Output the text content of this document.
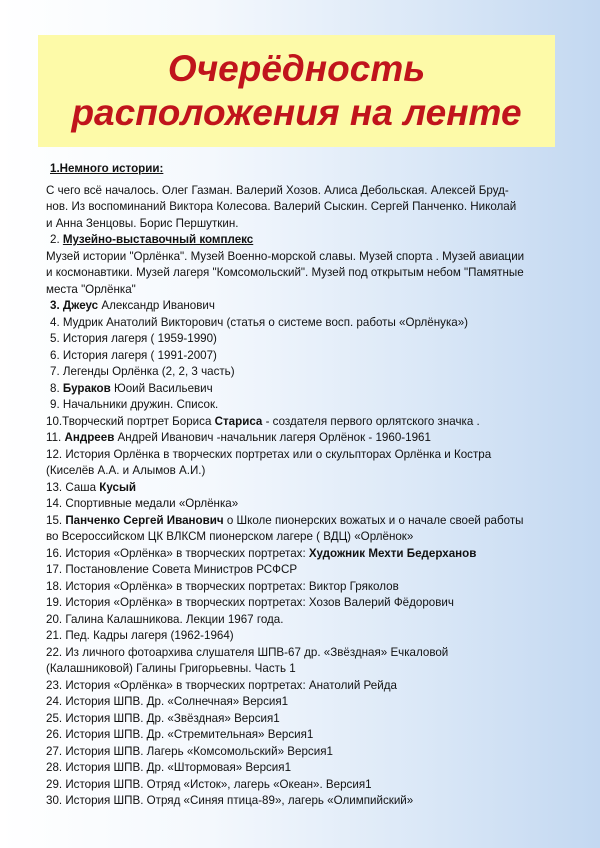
Очерёдность
расположения на ленте
1.Немного истории:
С чего всё началось. Олег Газман. Валерий Хозов. Алиса Дебольская. Алексей Бруд-
нов. Из воспоминаний Виктора Колесова. Валерий Сыскин. Сергей Панченко. Николай
и Анна Зенцовы. Борис Першуткин.
2. Музейно-выставочный комплекс
Музей истории "Орлёнка". Музей Военно-морской славы. Музей спорта . Музей авиации
и космонавтики. Музей лагеря "Комсомольский". Музей под открытым небом "Памятные
места "Орлёнка"
3. Джеус Александр Иванович
4. Мудрик Анатолий Викторович (статья о системе восп. работы «Орлёнука»)
5. История лагеря ( 1959-1990)
6. История лагеря ( 1991-2007)
7. Легенды Орлёнка (2, 2, 3 часть)
8. Бураков Юоий Васильевич
9. Начальники дружин. Список.
10.Творческий портрет Бориса Стариса - создателя первого орлятского значка .
11. Андреев Андрей Иванович -начальник лагеря Орлёнок - 1960-1961
12. История Орлёнка в творческих портретах или о скульпторах Орлёнка и Костра
(Киселёв А.А. и Алымов А.И.)
13. Саша Кусый
14. Спортивные медали «Орлёнка»
15. Панченко Сергей Иванович о Школе пионерских вожатых и о начале своей работы
во Всероссийском ЦК ВЛКСМ пионерском лагере ( ВДЦ) «Орлёнок»
16. История «Орлёнка» в творческих портретах: Художник Мехти Бедерханов
17. Постановление Совета Министров РСФСР
18. История «Орлёнка» в творческих портретах: Виктор Гряколов
19. История «Орлёнка» в творческих портретах: Хозов Валерий Фёдорович
20. Галина Калашникова. Лекции 1967 года.
21. Пед. Кадры лагеря (1962-1964)
22. Из личного фотоархива слушателя ШПВ-67 др. «Звёздная» Ечкаловой
(Калашниковой) Галины Григорьевны. Часть 1
23. История «Орлёнка» в творческих портретах: Анатолий Рейда
24. История ШПВ. Др. «Солнечная» Версия1
25. История ШПВ. Др. «Звёздная» Версия1
26. История ШПВ. Др. «Стремительная» Версия1
27. История ШПВ. Лагерь «Комсомольский» Версия1
28. История ШПВ. Др. «Штормовая» Версия1
29. История ШПВ. Отряд «Исток», лагерь «Океан». Версия1
30. История ШПВ. Отряд «Синяя птица-89», лагерь «Олимпийский»
